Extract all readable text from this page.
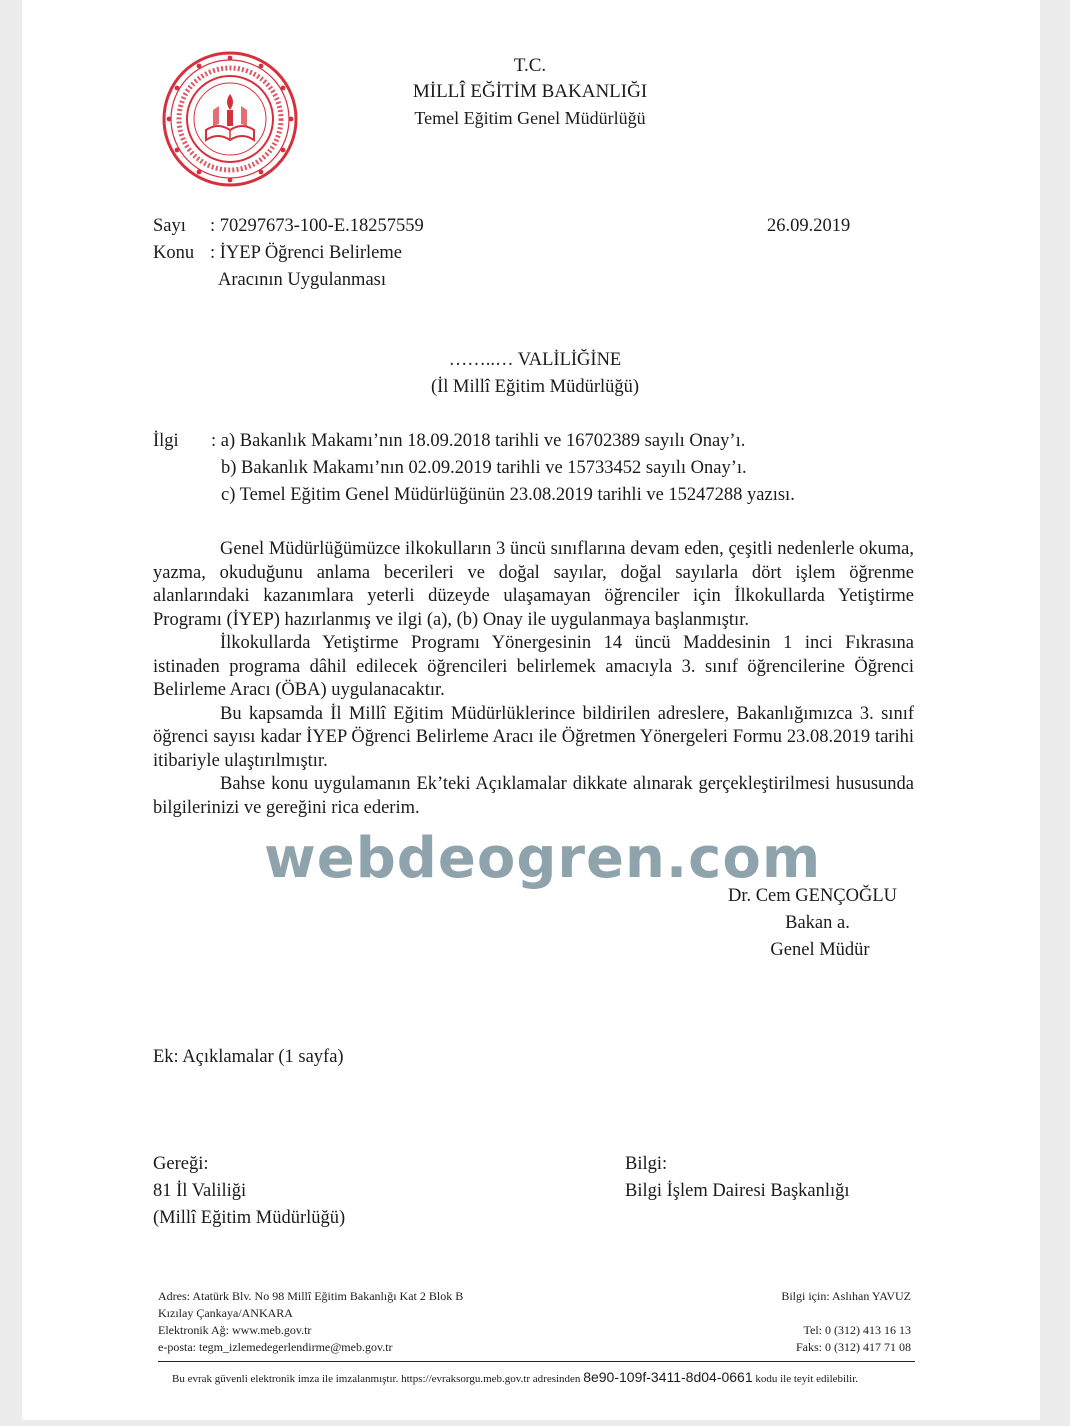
T.C.
MİLLÎ EĞİTİM BAKANLIĞI
Temel Eğitim Genel Müdürlüğü
Sayı : 70297673-100-E.18257559	26.09.2019
Konu : İYEP Öğrenci Belirleme
Aracının Uygulanması
……..… VALİLİĞİNE
(İl Millî Eğitim Müdürlüğü)
İlgi : a) Bakanlık Makamı’nın 18.09.2018 tarihli ve 16702389 sayılı Onay’ı.
b) Bakanlık Makamı’nın 02.09.2019 tarihli ve 15733452 sayılı Onay’ı.
c) Temel Eğitim Genel Müdürlüğünün 23.08.2019 tarihli ve 15247288 yazısı.

Genel Müdürlüğümüzce ilkokulların 3 üncü sınıflarına devam eden, çeşitli nedenlerle okuma, yazma, okuduğunu anlama becerileri ve doğal sayılar, doğal sayılarla dört işlem öğrenme alanlarındaki kazanımlara yeterli düzeyde ulaşamayan öğrenciler için İlkokullarda Yetiştirme Programı (İYEP) hazırlanmış ve ilgi (a), (b) Onay ile uygulanmaya başlanmıştır.

İlkokullarda Yetiştirme Programı Yönergesinin 14 üncü Maddesinin 1 inci Fıkrasına istinaden programa dâhil edilecek öğrencileri belirlemek amacıyla 3. sınıf öğrencilerine Öğrenci Belirleme Aracı (ÖBA) uygulanacaktır.

Bu kapsamda İl Millî Eğitim Müdürlüklerince bildirilen adreslere, Bakanlığımızca 3. sınıf öğrenci sayısı kadar İYEP Öğrenci Belirleme Aracı ile Öğretmen Yönergeleri Formu 23.08.2019 tarihi itibariyle ulaştırılmıştır.

Bahse konu uygulamanın Ek’teki Açıklamalar dikkate alınarak gerçekleştirilmesi hususunda bilgilerinizi ve gereğini rica ederim.

webdeogren.com
Dr. Cem GENÇOĞLU
Bakan a.
Genel Müdür
Ek: Açıklamalar (1 sayfa)
Gereği:
81 İl Valiliği
(Millî Eğitim Müdürlüğü)
Bilgi:
Bilgi İşlem Dairesi Başkanlığı
Adres: Atatürk Blv. No 98 Millî Eğitim Bakanlığı Kat 2 Blok B
Kızılay Çankaya/ANKARA
Elektronik Ağ: www.meb.gov.tr
e-posta: tegm_izlemedegerlendirme@meb.gov.tr
Bilgi için: Aslıhan YAVUZ
Tel: 0 (312) 413 16 13
Faks: 0 (312) 417 71 08
Bu evrak güvenli elektronik imza ile imzalanmıştır. https://evraksorgu.meb.gov.tr adresinden 8e90-109f-3411-8d04-0661 kodu ile teyit edilebilir.
